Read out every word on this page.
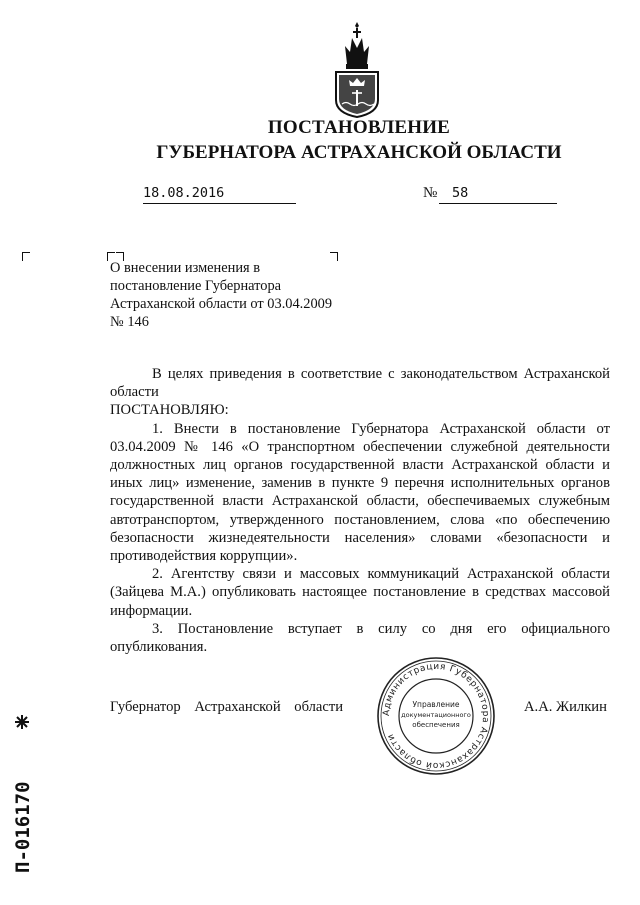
ПОСТАНОВЛЕНИЕ
ГУБЕРНАТОРА АСТРАХАНСКОЙ ОБЛАСТИ
18.08.2016	№ 58
О внесении изменения в постановление Губернатора Астраханской области от 03.04.2009 № 146

В целях приведения в соответствие с законодательством Астраханской области

ПОСТАНОВЛЯЮ:

1. Внести в постановление Губернатора Астраханской области от 03.04.2009 № 146 «О транспортном обеспечении служебной деятельности должностных лиц органов государственной власти Астраханской области и иных лиц» изменение, заменив в пункте 9 перечня исполнительных органов государственной власти Астраханской области, обеспечиваемых служебным автотранспортом, утвержденного постановлением, слова «по обеспечению безопасности жизнедеятельности населения» словами «безопасности и противодействия коррупции».

2. Агентству связи и массовых коммуникаций Астраханской области (Зайцева М.А.) опубликовать настоящее постановление в средствах массовой информации.

3. Постановление вступает в силу со дня его официального опубликования.

Губернатор Астраханской области	А.А. Жилкин
Администрация Губернатора Астраханской области
Управление
документационного
обеспечения
П-016170
